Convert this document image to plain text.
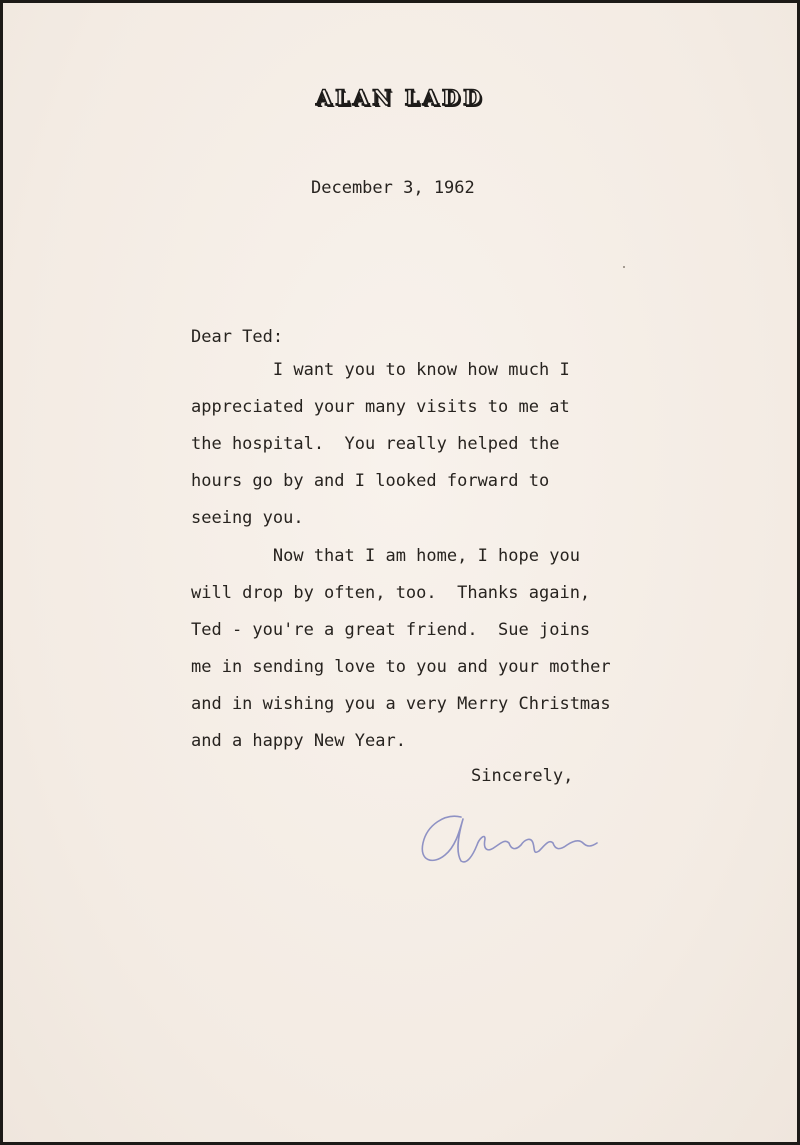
ALAN LADD
December 3, 1962
Dear Ted:
I want you to know how much I
appreciated your many visits to me at
the hospital.  You really helped the
hours go by and I looked forward to
seeing you.
Now that I am home, I hope you
will drop by often, too.  Thanks again,
Ted - you're a great friend.  Sue joins
me in sending love to you and your mother
and in wishing you a very Merry Christmas
and a happy New Year.
Sincerely,
